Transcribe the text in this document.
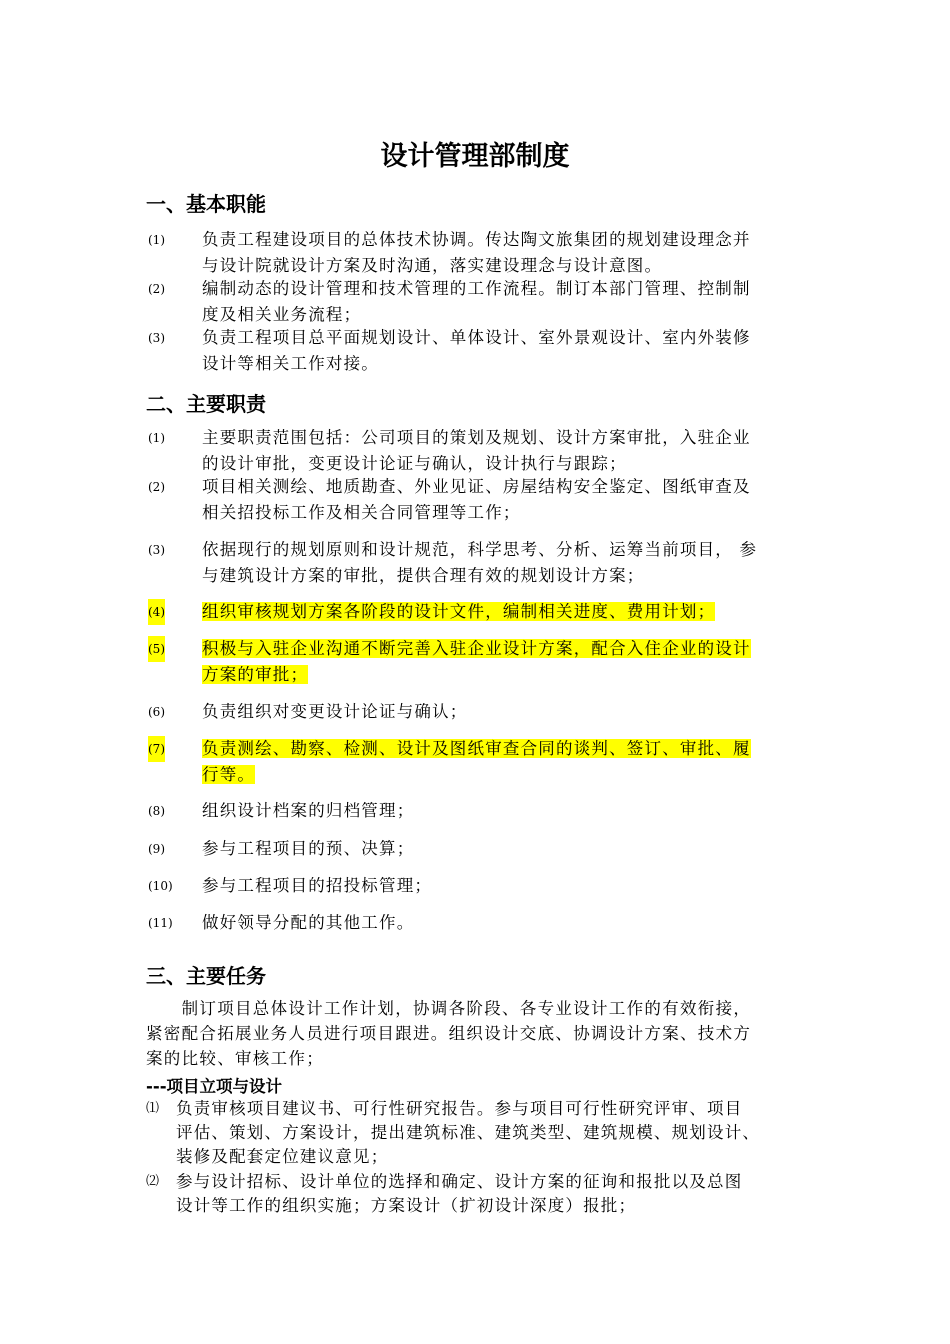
设计管理部制度
一、基本职能
(1) 负责工程建设项目的总体技术协调。传达陶文旅集团的规划建设理念并
与设计院就设计方案及时沟通，落实建设理念与设计意图。
(2) 编制动态的设计管理和技术管理的工作流程。制订本部门管理、控制制
度及相关业务流程；
(3) 负责工程项目总平面规划设计、单体设计、室外景观设计、室内外装修
设计等相关工作对接。
二、主要职责
(1) 主要职责范围包括：公司项目的策划及规划、设计方案审批，入驻企业
的设计审批，变更设计论证与确认，设计执行与跟踪；
(2) 项目相关测绘、地质勘查、外业见证、房屋结构安全鉴定、图纸审查及
相关招投标工作及相关合同管理等工作；
(3) 依据现行的规划原则和设计规范，科学思考、分析、运筹当前项目， 参
与建筑设计方案的审批，提供合理有效的规划设计方案；
(4) 组织审核规划方案各阶段的设计文件，编制相关进度、费用计划；
(5) 积极与入驻企业沟通不断完善入驻企业设计方案，配合入住企业的设计
方案的审批；
(6) 负责组织对变更设计论证与确认；
(7) 负责测绘、勘察、检测、设计及图纸审查合同的谈判、签订、审批、履
行等。
(8) 组织设计档案的归档管理；
(9) 参与工程项目的预、决算；
(10) 参与工程项目的招投标管理；
(11) 做好领导分配的其他工作。
三、主要任务
　　制订项目总体设计工作计划，协调各阶段、各专业设计工作的有效衔接，
紧密配合拓展业务人员进行项目跟进。组织设计交底、协调设计方案、技术方
案的比较、审核工作；
---项目立项与设计
⑴ 负责审核项目建议书、可行性研究报告。参与项目可行性研究评审、项目
评估、策划、方案设计，提出建筑标准、建筑类型、建筑规模、规划设计、
装修及配套定位建议意见；
⑵ 参与设计招标、设计单位的选择和确定、设计方案的征询和报批以及总图
设计等工作的组织实施；方案设计（扩初设计深度）报批；
